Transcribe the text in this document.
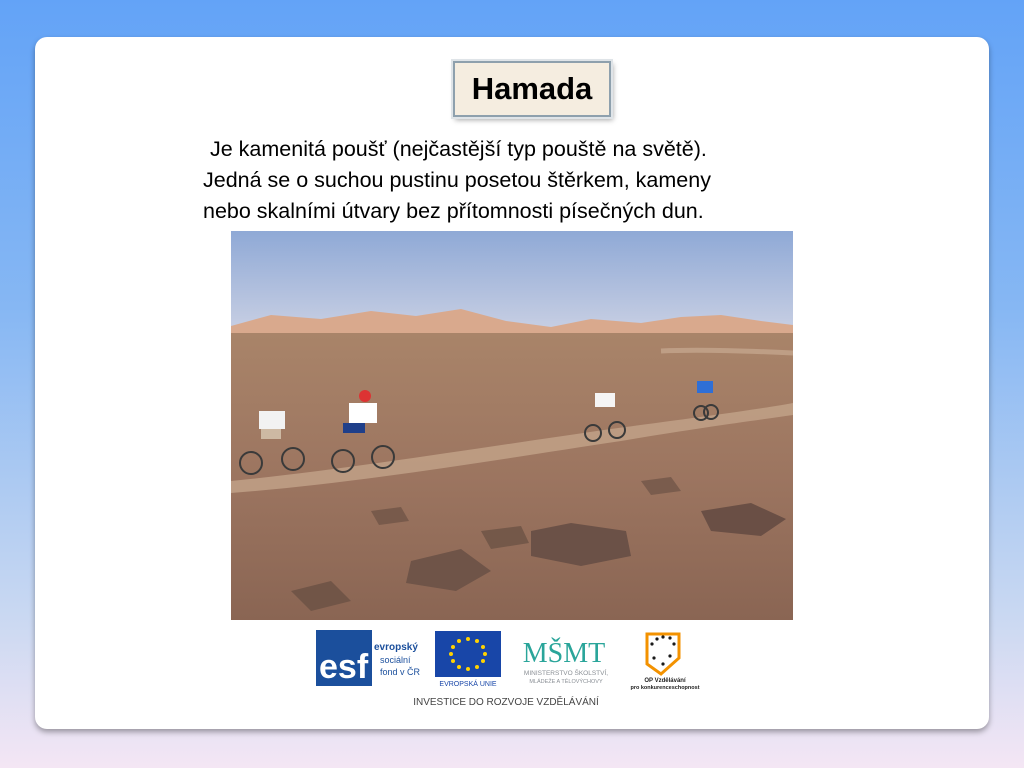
Hamada
Je kamenitá poušť (nejčastější typ pouště na světě).
Jedná se o suchou pustinu posetou štěrkem, kameny
nebo skalními útvary bez přítomnosti písečných dun.
esf
evropský
sociální
fond v ČR
EVROPSKÁ UNIE
MŠMT
MINISTERSTVO ŠKOLSTVÍ,
MLÁDEŽE A TĚLOVÝCHOVY	OP Vzdělávání
pro konkurenceschopnost
INVESTICE DO ROZVOJE VZDĚLÁVÁNÍ
